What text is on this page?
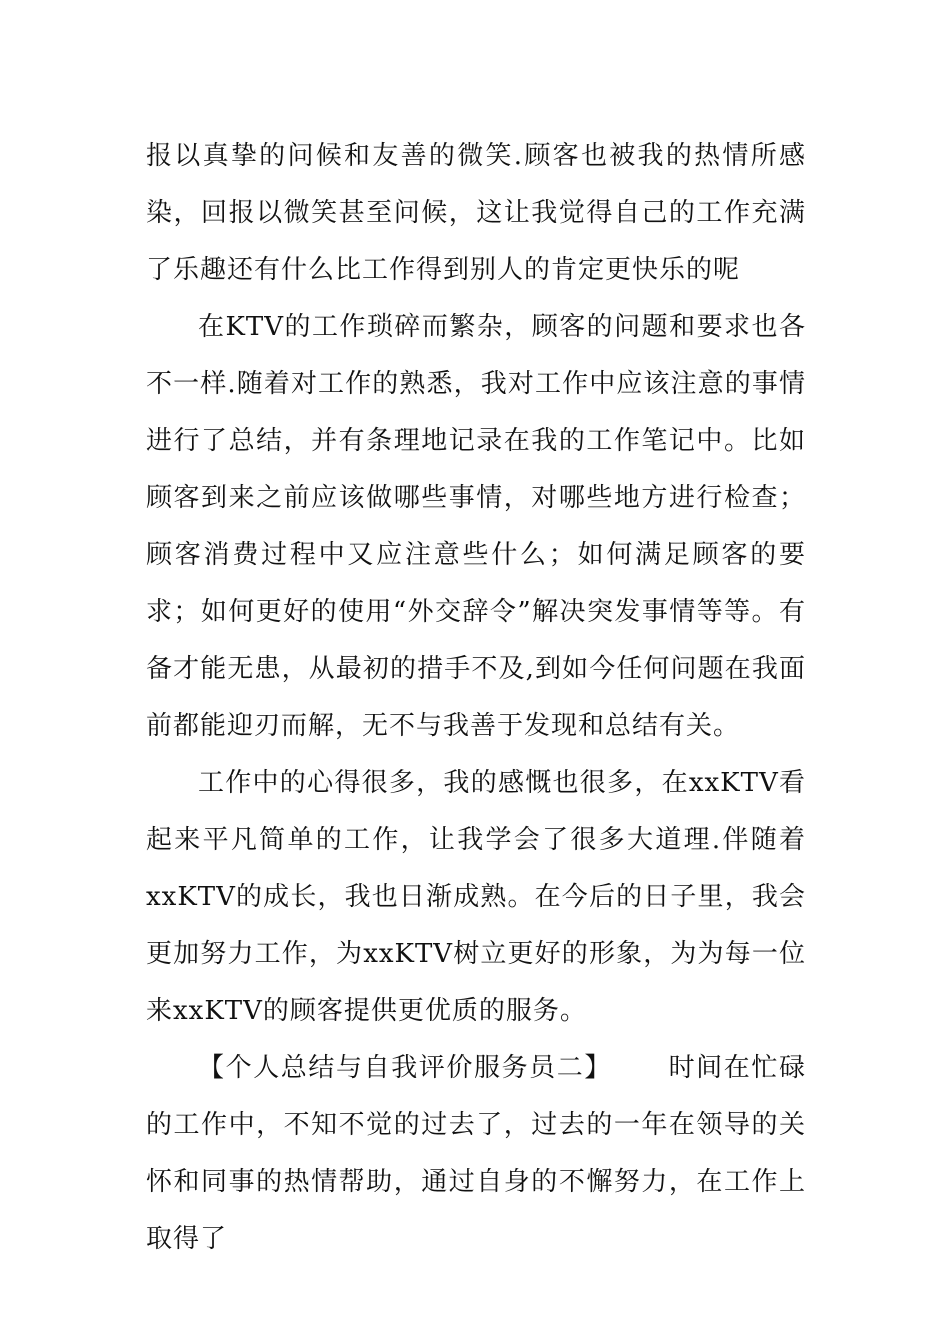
报以真挚的问候和友善的微笑.顾客也被我的热情所感染，回报以微笑甚至问候，这让我觉得自己的工作充满了乐趣还有什么比工作得到别人的肯定更快乐的呢

在KTV的工作琐碎而繁杂，顾客的问题和要求也各不一样.随着对工作的熟悉，我对工作中应该注意的事情进行了总结，并有条理地记录在我的工作笔记中。比如顾客到来之前应该做哪些事情，对哪些地方进行检查；顾客消费过程中又应注意些什么；如何满足顾客的要求；如何更好的使用“外交辞令”解决突发事情等等。有备才能无患，从最初的措手不及,到如今任何问题在我面前都能迎刃而解，无不与我善于发现和总结有关。

工作中的心得很多，我的感慨也很多，在xxKTV看起来平凡简单的工作，让我学会了很多大道理.伴随着xxKTV的成长，我也日渐成熟。在今后的日子里，我会更加努力工作，为xxKTV树立更好的形象，为为每一位来xxKTV的顾客提供更优质的服务。

【个人总结与自我评价服务员二】 时间在忙碌的工作中，不知不觉的过去了，过去的一年在领导的关怀和同事的热情帮助，通过自身的不懈努力，在工作上取得了
